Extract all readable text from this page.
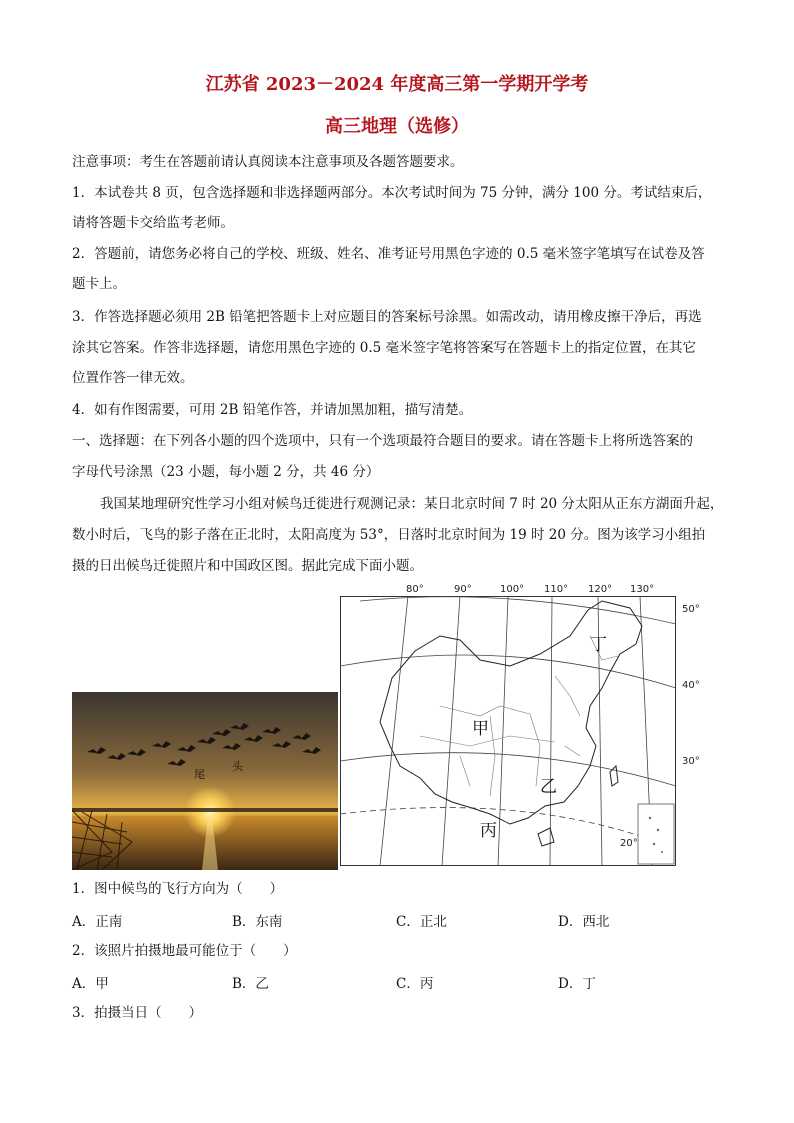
江苏省 2023－2024 年度高三第一学期开学考
高三地理（选修）
注意事项：考生在答题前请认真阅读本注意事项及各题答题要求。
1．本试卷共 8 页，包含选择题和非选择题两部分。本次考试时间为 75 分钟，满分 100 分。考试结束后，
请将答题卡交给监考老师。
2．答题前，请您务必将自己的学校、班级、姓名、准考证号用黑色字迹的 0.5 毫米签字笔填写在试卷及答
题卡上。
3．作答选择题必须用 2B 铅笔把答题卡上对应题目的答案标号涂黑。如需改动，请用橡皮擦干净后，再选
涂其它答案。作答非选择题，请您用黑色字迹的 0.5 毫米签字笔将答案写在答题卡上的指定位置，在其它
位置作答一律无效。
4．如有作图需要，可用 2B 铅笔作答，并请加黑加粗，描写清楚。
一、选择题：在下列各小题的四个选项中，只有一个选项最符合题目的要求。请在答题卡上将所选答案的
字母代号涂黑（23 小题，每小题 2 分，共 46 分）
我国某地理研究性学习小组对候鸟迁徙进行观测记录：某日北京时间 7 时 20 分太阳从正东方湖面升起，
数小时后，飞鸟的影子落在正北时，太阳高度为 53°，日落时北京时间为 19 时 20 分。图为该学习小组拍
摄的日出候鸟迁徙照片和中国政区图。据此完成下面小题。
尾
头
80°	90°	100° 110° 120° 130°
50°
40°
30°
20°
甲
乙
丙
丁
1．图中候鸟的飞行方向为（　　）
A．正南	B．东南	C．正北	D．西北
2．该照片拍摄地最可能位于（　　）
A．甲	B．乙	C．丙	D．丁
3．拍摄当日（　　）
